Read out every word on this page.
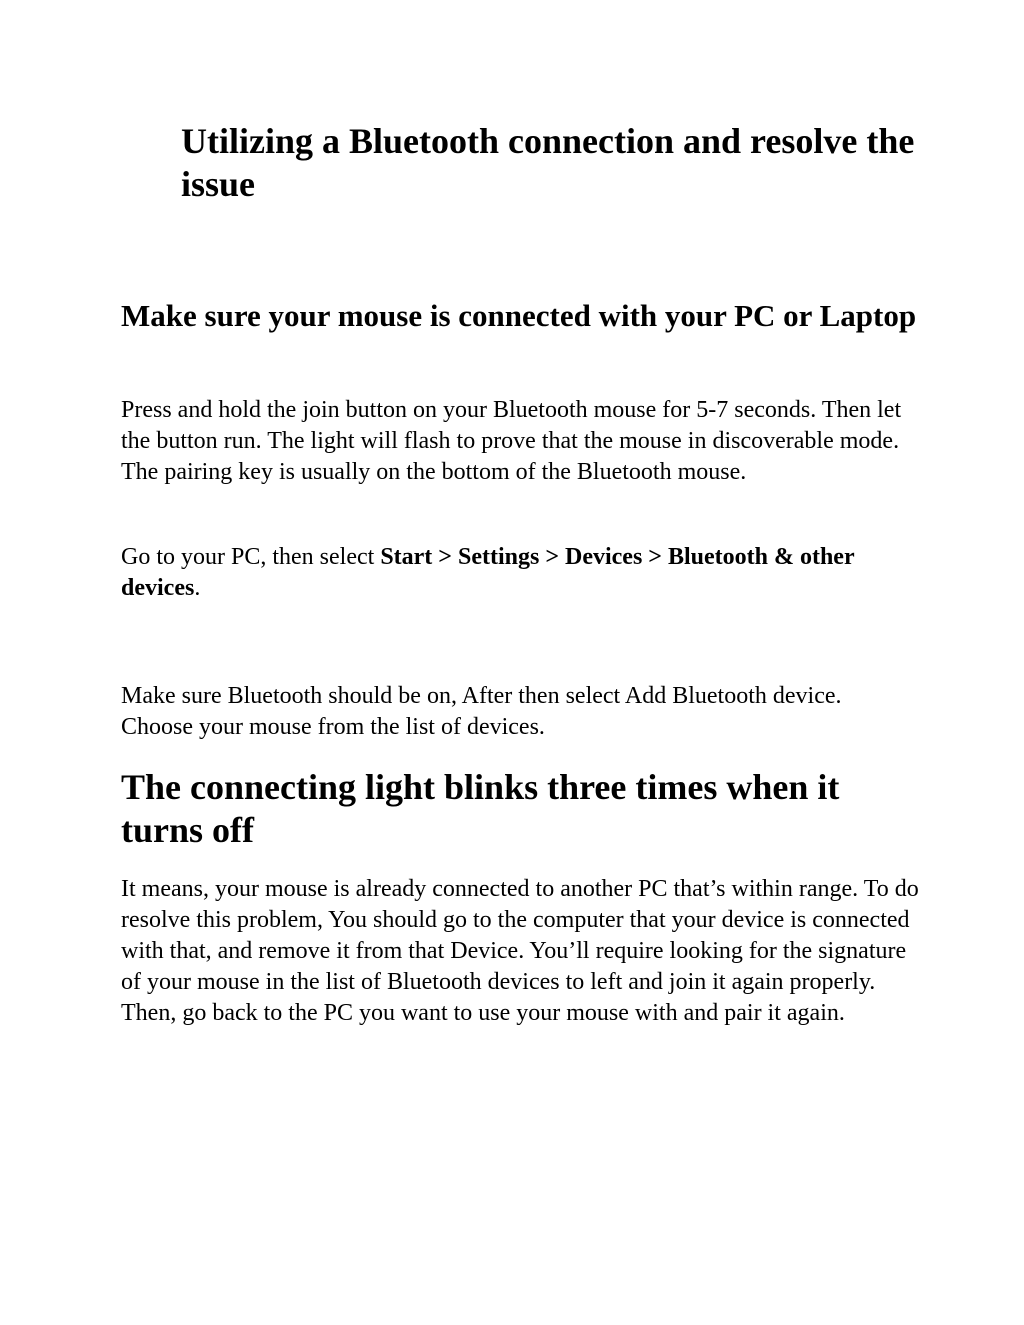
Utilizing a Bluetooth connection and resolve the issue
Make sure your mouse is connected with your PC or Laptop

Press and hold the join button on your Bluetooth mouse for 5-7 seconds. Then let the button run. The light will flash to prove that the mouse in discoverable mode. The pairing key is usually on the bottom of the Bluetooth mouse.

Go to your PC, then select Start > Settings > Devices > Bluetooth & other devices.

Make sure Bluetooth should be on, After then select Add Bluetooth device. Choose your mouse from the list of devices.

The connecting light blinks three times when it turns off

It means, your mouse is already connected to another PC that’s within range. To do resolve this problem, You should go to the computer that your device is connected with that, and remove it from that Device. You’ll require looking for the signature of your mouse in the list of Bluetooth devices to left and join it again properly. Then, go back to the PC you want to use your mouse with and pair it again.
